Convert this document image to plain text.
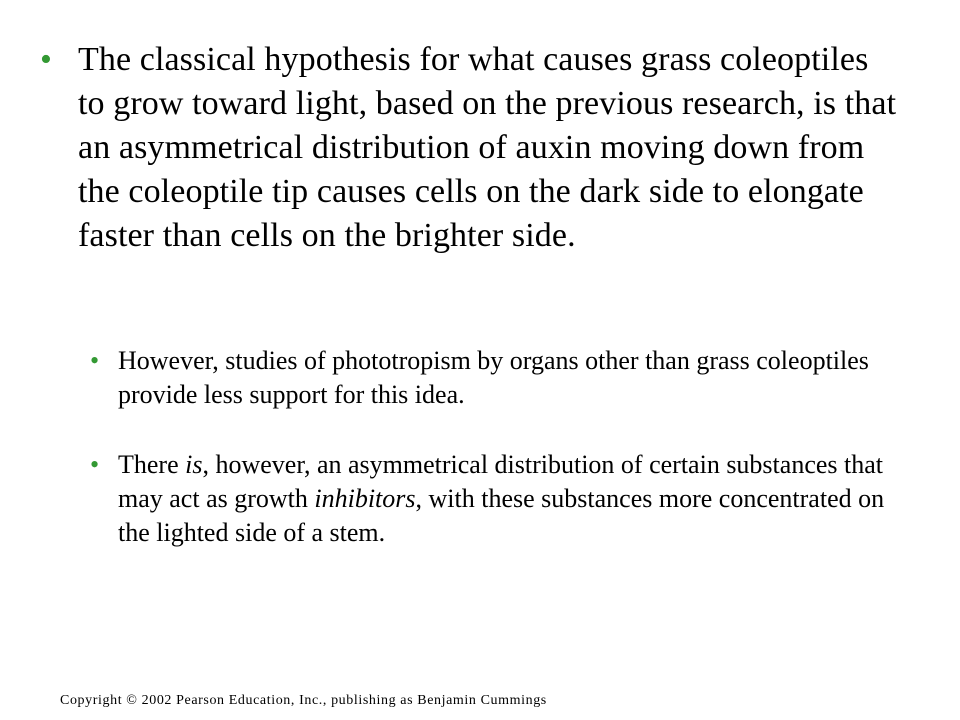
• The classical hypothesis for what causes grass coleoptiles to grow toward light, based on the previous research, is that an asymmetrical distribution of auxin moving down from the coleoptile tip causes cells on the dark side to elongate faster than cells on the brighter side.
• However, studies of phototropism by organs other than grass coleoptiles provide less support for this idea.
• There is, however, an asymmetrical distribution of certain substances that may act as growth inhibitors, with these substances more concentrated on the lighted side of a stem.
Copyright © 2002 Pearson Education, Inc., publishing as Benjamin Cummings
